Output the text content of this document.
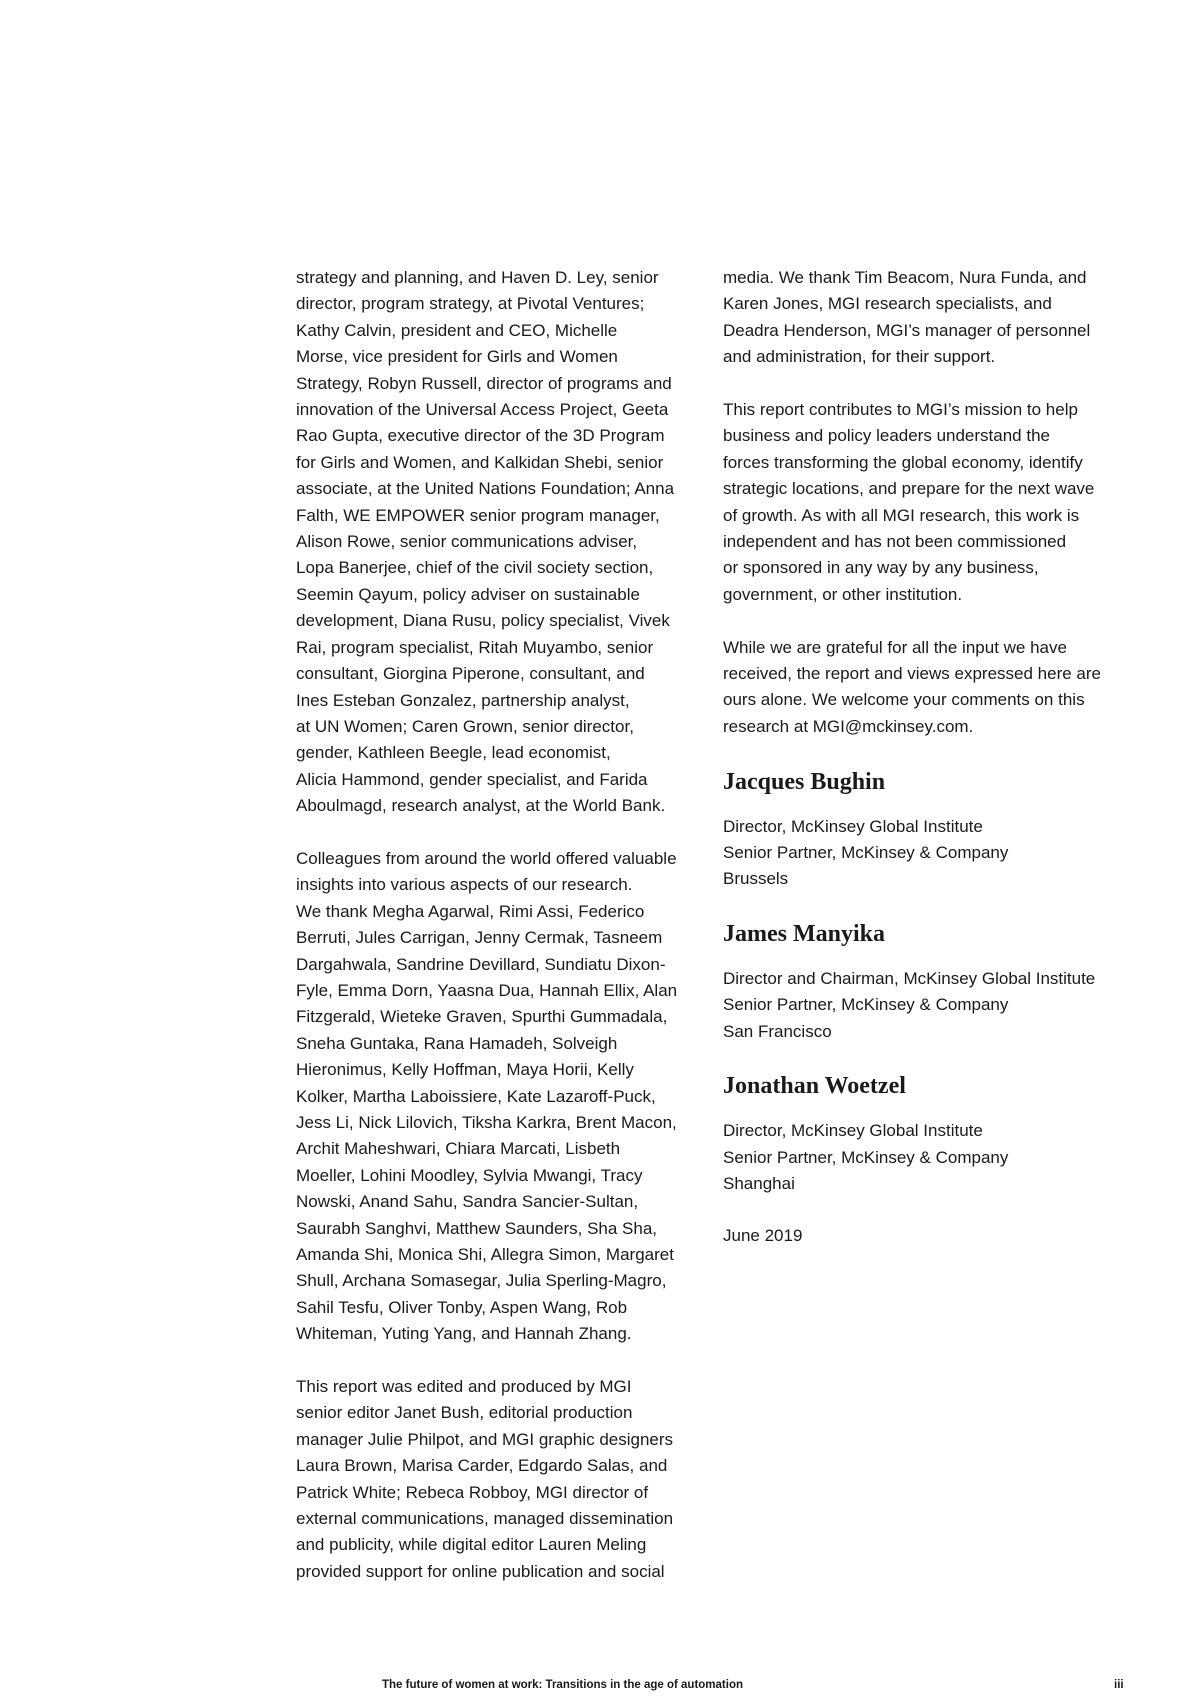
strategy and planning, and Haven D. Ley, senior
director, program strategy, at Pivotal Ventures;
Kathy Calvin, president and CEO, Michelle
Morse, vice president for Girls and Women
Strategy, Robyn Russell, director of programs and
innovation of the Universal Access Project, Geeta
Rao Gupta, executive director of the 3D Program
for Girls and Women, and Kalkidan Shebi, senior
associate, at the United Nations Foundation; Anna
Falth, WE EMPOWER senior program manager,
Alison Rowe, senior communications adviser,
Lopa Banerjee, chief of the civil society section,
Seemin Qayum, policy adviser on sustainable
development, Diana Rusu, policy specialist, Vivek
Rai, program specialist, Ritah Muyambo, senior
consultant, Giorgina Piperone, consultant, and
Ines Esteban Gonzalez, partnership analyst,
at UN Women; Caren Grown, senior director,
gender, Kathleen Beegle, lead economist,
Alicia Hammond, gender specialist, and Farida
Aboulmagd, research analyst, at the World Bank.

Colleagues from around the world offered valuable
insights into various aspects of our research.
We thank Megha Agarwal, Rimi Assi, Federico
Berruti, Jules Carrigan, Jenny Cermak, Tasneem
Dargahwala, Sandrine Devillard, Sundiatu Dixon-
Fyle, Emma Dorn, Yaasna Dua, Hannah Ellix, Alan
Fitzgerald, Wieteke Graven, Spurthi Gummadala,
Sneha Guntaka, Rana Hamadeh, Solveigh
Hieronimus, Kelly Hoffman, Maya Horii, Kelly
Kolker, Martha Laboissiere, Kate Lazaroff-Puck,
Jess Li, Nick Lilovich, Tiksha Karkra, Brent Macon,
Archit Maheshwari, Chiara Marcati, Lisbeth
Moeller, Lohini Moodley, Sylvia Mwangi, Tracy
Nowski, Anand Sahu, Sandra Sancier-Sultan,
Saurabh Sanghvi, Matthew Saunders, Sha Sha,
Amanda Shi, Monica Shi, Allegra Simon, Margaret
Shull, Archana Somasegar, Julia Sperling-Magro,
Sahil Tesfu, Oliver Tonby, Aspen Wang, Rob
Whiteman, Yuting Yang, and Hannah Zhang.

This report was edited and produced by MGI
senior editor Janet Bush, editorial production
manager Julie Philpot, and MGI graphic designers
Laura Brown, Marisa Carder, Edgardo Salas, and
Patrick White; Rebeca Robboy, MGI director of
external communications, managed dissemination
and publicity, while digital editor Lauren Meling
provided support for online publication and social

media. We thank Tim Beacom, Nura Funda, and
Karen Jones, MGI research specialists, and
Deadra Henderson, MGI’s manager of personnel
and administration, for their support.

This report contributes to MGI’s mission to help
business and policy leaders understand the
forces transforming the global economy, identify
strategic locations, and prepare for the next wave
of growth. As with all MGI research, this work is
independent and has not been commissioned
or sponsored in any way by any business,
government, or other institution.

While we are grateful for all the input we have
received, the report and views expressed here are
ours alone. We welcome your comments on this
research at MGI@mckinsey.com.

Jacques Bughin
Director, McKinsey Global Institute
Senior Partner, McKinsey & Company
Brussels
James Manyika
Director and Chairman, McKinsey Global Institute
Senior Partner, McKinsey & Company
San Francisco
Jonathan Woetzel
Director, McKinsey Global Institute
Senior Partner, McKinsey & Company
Shanghai
June 2019
The future of women at work: Transitions in the age of automation	iii
